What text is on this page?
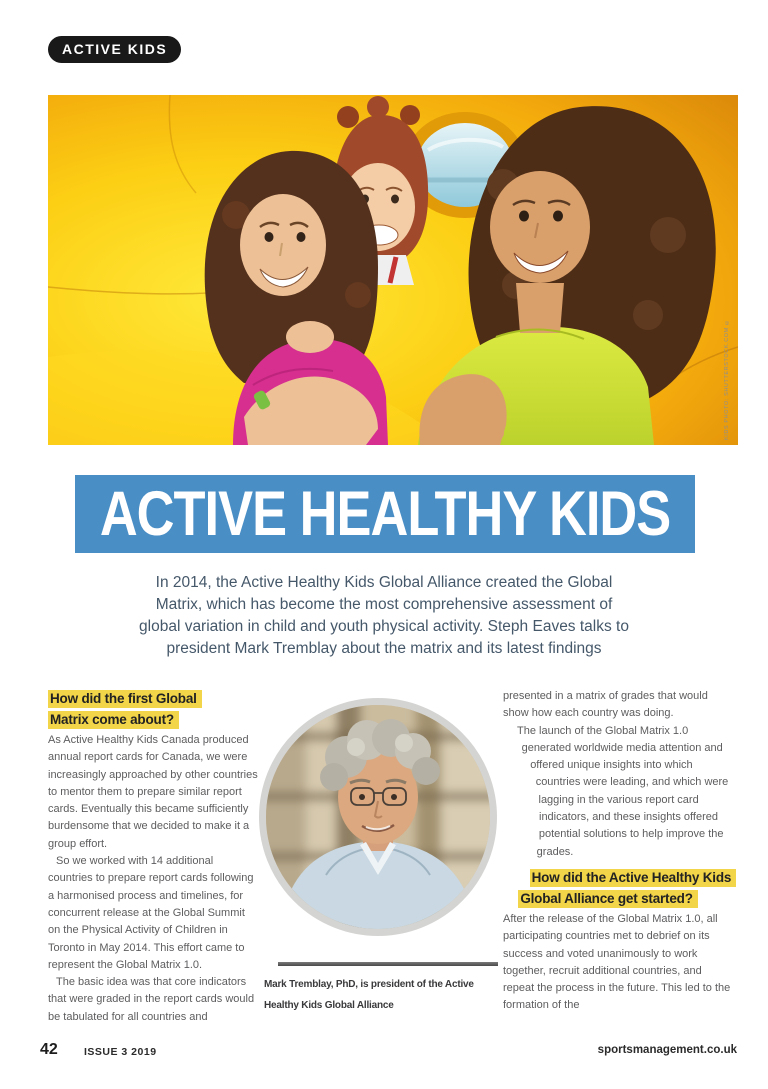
ACTIVE KIDS
KIDS PHOTO: SHUTTERSTOCK.COM ©
ACTIVE HEALTHY KIDS

In 2014, the Active Healthy Kids Global Alliance created the Global

Matrix, which has become the most comprehensive assessment of

global variation in child and youth physical activity. Steph Eaves talks to

president Mark Tremblay about the matrix and its latest findings

How did the first Global
Matrix come about?

As Active Healthy Kids Canada produced annual report cards for Canada, we were increasingly approached by other countries to mentor them to prepare similar report cards. Eventually this became sufficiently burdensome that we decided to make it a group effort.

So we worked with 14 additional countries to prepare report cards following a harmonised process and timelines, for concurrent release at the Global Summit on the Physical Activity of Children in Toronto in May 2014. This effort came to represent the Global Matrix 1.0.

The basic idea was that core indicators that were graded in the report cards would be tabulated for all countries and

presented in a matrix of grades that would show how each country was doing.

The launch of the Global Matrix 1.0 generated worldwide media attention and offered unique insights into which countries were leading, and which were lagging in the various report card indicators, and these insights offered potential solutions to help improve the grades.

How did the Active Healthy Kids
Global Alliance get started?

After the release of the Global Matrix 1.0, all participating countries met to debrief on its success and voted unanimously to work together, recruit additional countries, and repeat the process in the future. This led to the formation of the

Mark Tremblay, PhD, is president of the Active Healthy Kids Global Alliance
42 ISSUE 3 2019	sportsmanagement.co.uk
